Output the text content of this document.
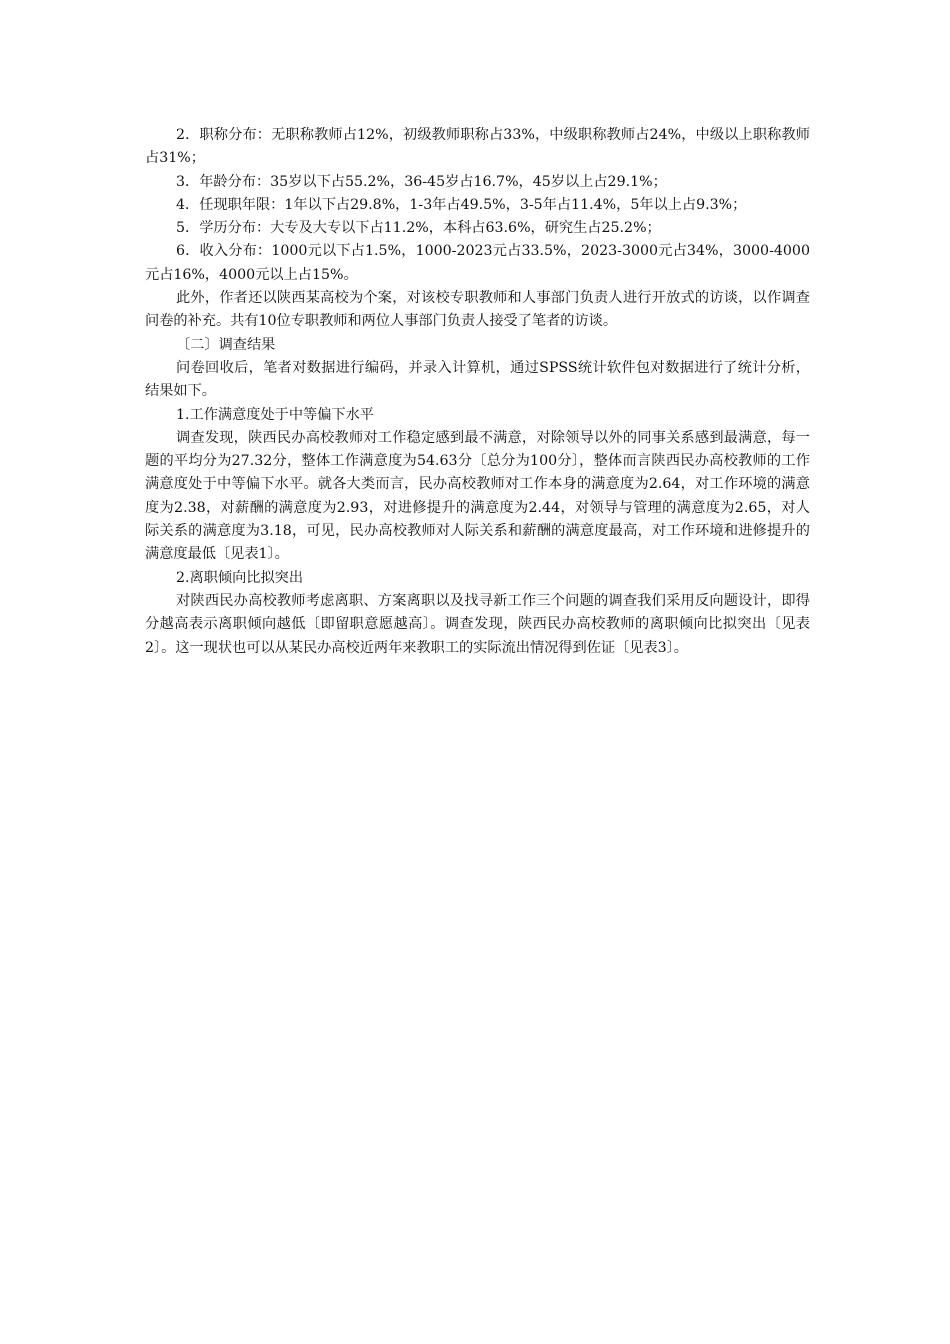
2．职称分布：无职称教师占12%，初级教师职称占33%，中级职称教师占24%，中级以上职称教师占31%；

3．年龄分布：35岁以下占55.2%，36-45岁占16.7%，45岁以上占29.1%；

4．任现职年限：1年以下占29.8%，1-3年占49.5%，3-5年占11.4%，5年以上占9.3%；

5．学历分布：大专及大专以下占11.2%，本科占63.6%，研究生占25.2%；

6．收入分布：1000元以下占1.5%，1000-2023元占33.5%，2023-3000元占34%，3000-4000元占16%，4000元以上占15%。

此外，作者还以陕西某高校为个案，对该校专职教师和人事部门负责人进行开放式的访谈，以作调查问卷的补充。共有10位专职教师和两位人事部门负责人接受了笔者的访谈。

〔二〕调查结果

问卷回收后，笔者对数据进行编码，并录入计算机，通过SPSS统计软件包对数据进行了统计分析，结果如下。

1.工作满意度处于中等偏下水平

调查发现，陕西民办高校教师对工作稳定感到最不满意，对除领导以外的同事关系感到最满意，每一题的平均分为27.32分，整体工作满意度为54.63分〔总分为100分〕，整体而言陕西民办高校教师的工作满意度处于中等偏下水平。就各大类而言，民办高校教师对工作本身的满意度为2.64，对工作环境的满意度为2.38，对薪酬的满意度为2.93，对进修提升的满意度为2.44，对领导与管理的满意度为2.65，对人际关系的满意度为3.18，可见，民办高校教师对人际关系和薪酬的满意度最高，对工作环境和进修提升的满意度最低〔见表1〕。

2.离职倾向比拟突出

对陕西民办高校教师考虑离职、方案离职以及找寻新工作三个问题的调查我们采用反向题设计，即得分越高表示离职倾向越低〔即留职意愿越高〕。调查发现，陕西民办高校教师的离职倾向比拟突出〔见表2〕。这一现状也可以从某民办高校近两年来教职工的实际流出情况得到佐证〔见表3〕。
